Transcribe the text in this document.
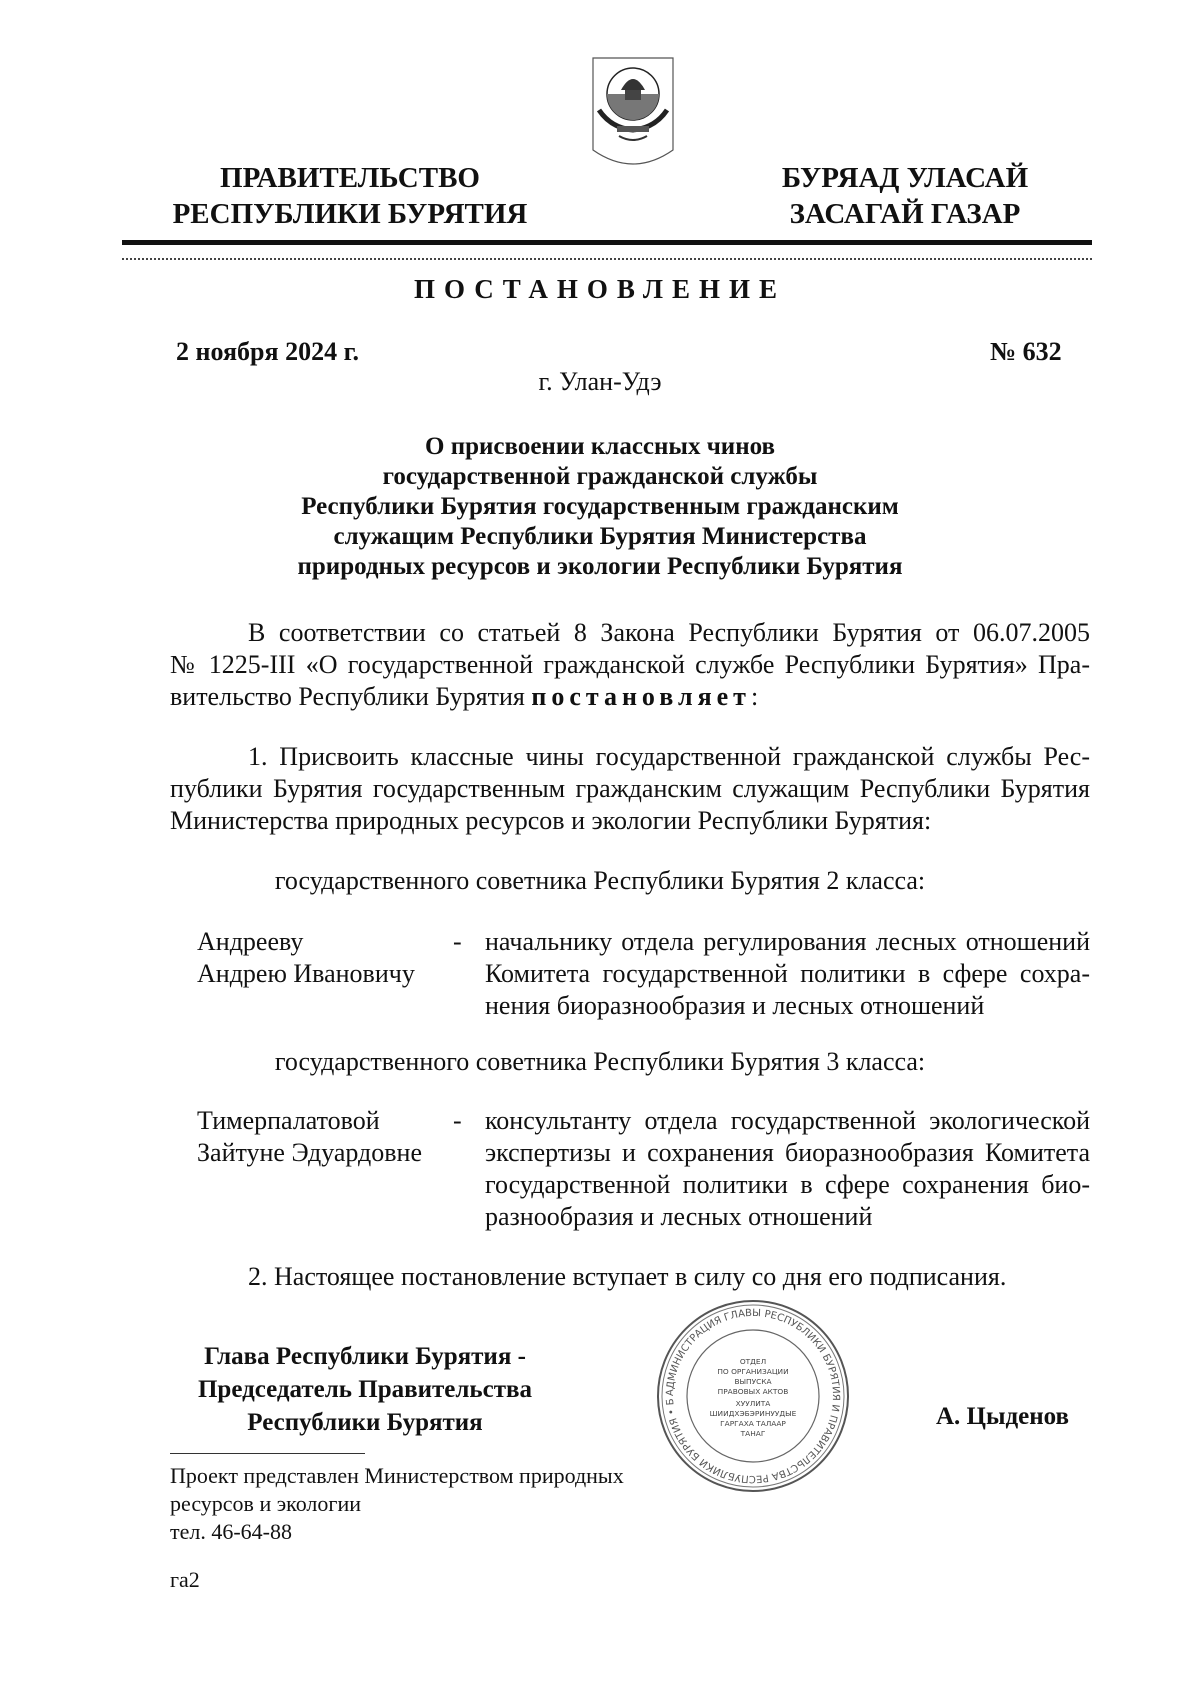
ПРАВИТЕЛЬСТВО
РЕСПУБЛИКИ БУРЯТИЯ
БУРЯАД УЛАСАЙ
ЗАСАГАЙ ГАЗАР
ПОСТАНОВЛЕНИЕ
2 ноября 2024 г.	№ 632
г. Улан-Удэ
О присвоении классных чинов
государственной гражданской службы
Республики Бурятия государственным гражданским
служащим Республики Бурятия Министерства
природных ресурсов и экологии Республики Бурятия
В соответствии со статьей 8 Закона Республики Бурятия от 06.07.2005
№ 1225-III «О государственной гражданской службе Республики Бурятия» Пра-
вительство Республики Бурятия постановляет:
1. Присвоить классные чины государственной гражданской службы Рес-
публики Бурятия государственным гражданским служащим Республики Бурятия
Министерства природных ресурсов и экологии Республики Бурятия:
государственного советника Республики Бурятия 2 класса:
Андрееву
Андрею Ивановичу
- начальнику отдела регулирования лесных отношений
Комитета государственной политики в сфере сохра-
нения биоразнообразия и лесных отношений
государственного советника Республики Бурятия 3 класса:
Тимерпалатовой
Зайтуне Эдуардовне
- консультанту отдела государственной экологической
экспертизы и сохранения биоразнообразия Комитета
государственной политики в сфере сохранения био-
разнообразия и лесных отношений
2. Настоящее постановление вступает в силу со дня его подписания.
Глава Республики Бурятия -
Председатель Правительства
Республики Бурятия
АДМИНИСТРАЦИЯ ГЛАВЫ РЕСПУБЛИКИ БУРЯТИЯ И ПРАВИТЕЛЬСТВА РЕСПУБЛИКИ БУРЯТИЯ • Б
ОТДЕЛ
ПО ОРГАНИЗАЦИИ
ВЫПУСКА
ПРАВОВЫХ АКТОВ
ХУУЛИТА
ШИИДХЭБЭРИНУУДЫЕ
ГАРГАХА ТАЛААР
ТАНАГ
А. Цыденов
Проект представлен Министерством природных
ресурсов и экологии
тел. 46-64-88
га2
